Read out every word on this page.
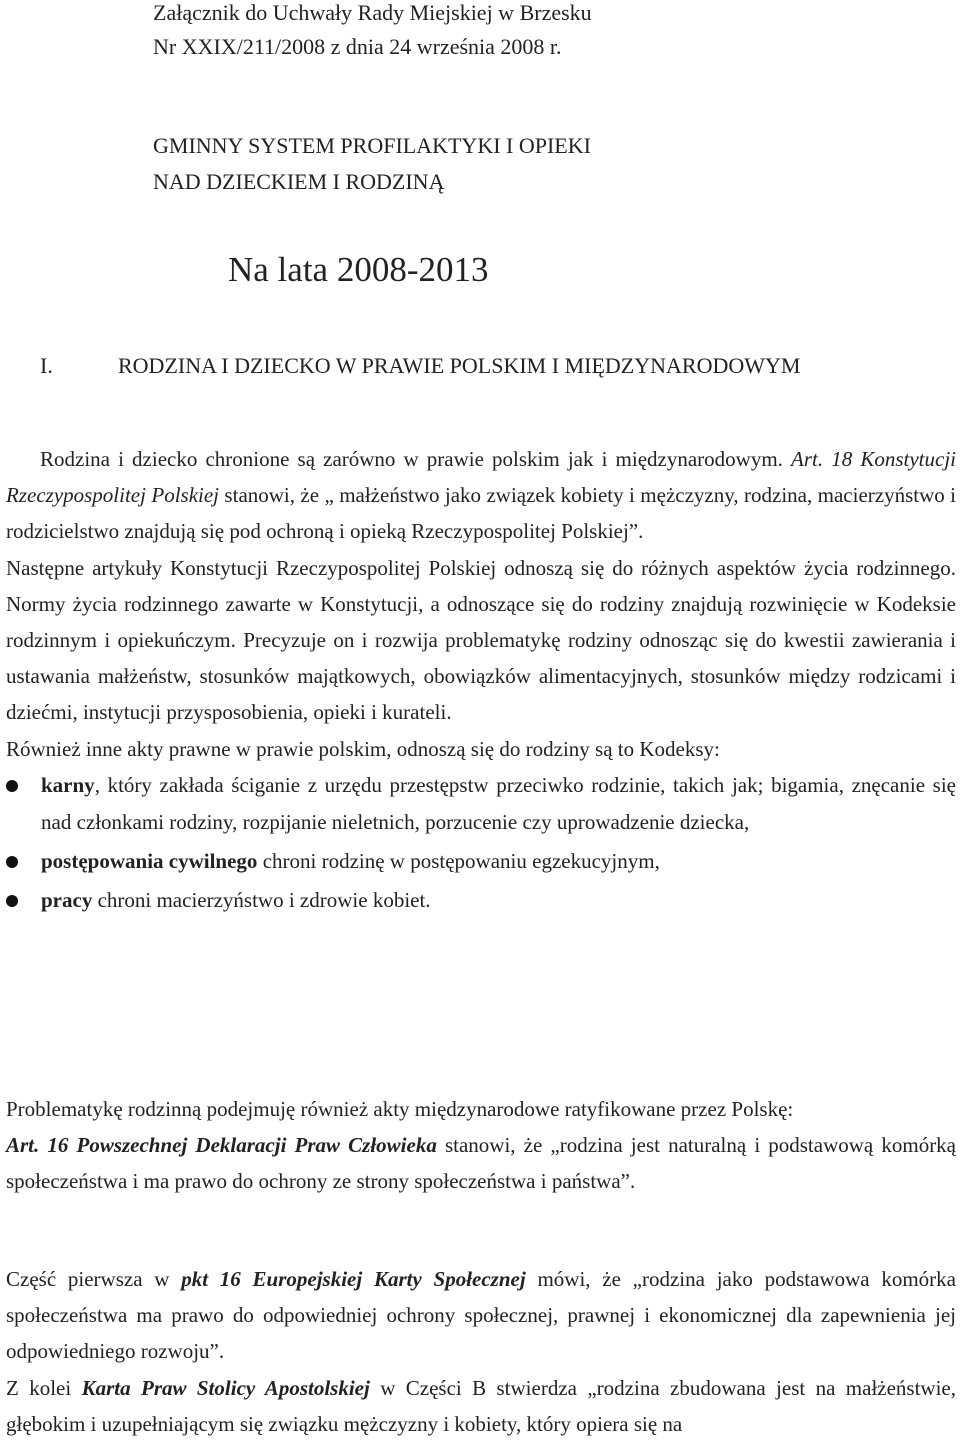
Załącznik do Uchwały Rady Miejskiej w Brzesku
Nr XXIX/211/2008 z dnia 24 września 2008 r.
GMINNY SYSTEM PROFILAKTYKI I OPIEKI
NAD DZIECKIEM I RODZINĄ
Na lata 2008-2013
I.	RODZINA I DZIECKO W PRAWIE POLSKIM I MIĘDZYNARODOWYM

Rodzina i dziecko chronione są zarówno w prawie polskim jak i międzynarodowym. Art. 18 Konstytucji Rzeczypospolitej Polskiej stanowi, że „ małżeństwo jako związek kobiety i mężczyzny, rodzina, macierzyństwo i rodzicielstwo znajdują się pod ochroną i opieką Rzeczypospolitej Polskiej”.

Następne artykuły Konstytucji Rzeczypospolitej Polskiej odnoszą się do różnych aspektów życia rodzinnego. Normy życia rodzinnego zawarte w Konstytucji, a odnoszące się do rodziny znajdują rozwinięcie w Kodeksie rodzinnym i opiekuńczym. Precyzuje on i rozwija problematykę rodziny odnosząc się do kwestii zawierania i ustawania małżeństw, stosunków majątkowych, obowiązków alimentacyjnych, stosunków między rodzicami i dziećmi, instytucji przysposobienia, opieki i kurateli.

Również inne akty prawne w prawie polskim, odnoszą się do rodziny są to Kodeksy:

karny, który zakłada ściganie z urzędu przestępstw przeciwko rodzinie, takich jak; bigamia, znęcanie się nad członkami rodziny, rozpijanie nieletnich, porzucenie czy uprowadzenie dziecka,
postępowania cywilnego chroni rodzinę w postępowaniu egzekucyjnym,
pracy chroni macierzyństwo i zdrowie kobiet.

Problematykę rodzinną podejmuję również akty międzynarodowe ratyfikowane przez Polskę:
Art. 16 Powszechnej Deklaracji Praw Człowieka stanowi, że „rodzina jest naturalną i podstawową komórką społeczeństwa i ma prawo do ochrony ze strony społeczeństwa i państwa”.

Część pierwsza w pkt 16 Europejskiej Karty Społecznej mówi, że „rodzina jako podstawowa komórka społeczeństwa ma prawo do odpowiedniej ochrony społecznej, prawnej i ekonomicznej dla zapewnienia jej odpowiedniego rozwoju”.

Z kolei Karta Praw Stolicy Apostolskiej w Części B stwierdza „rodzina zbudowana jest na małżeństwie, głębokim i uzupełniającym się związku mężczyzny i kobiety, który opiera się na
